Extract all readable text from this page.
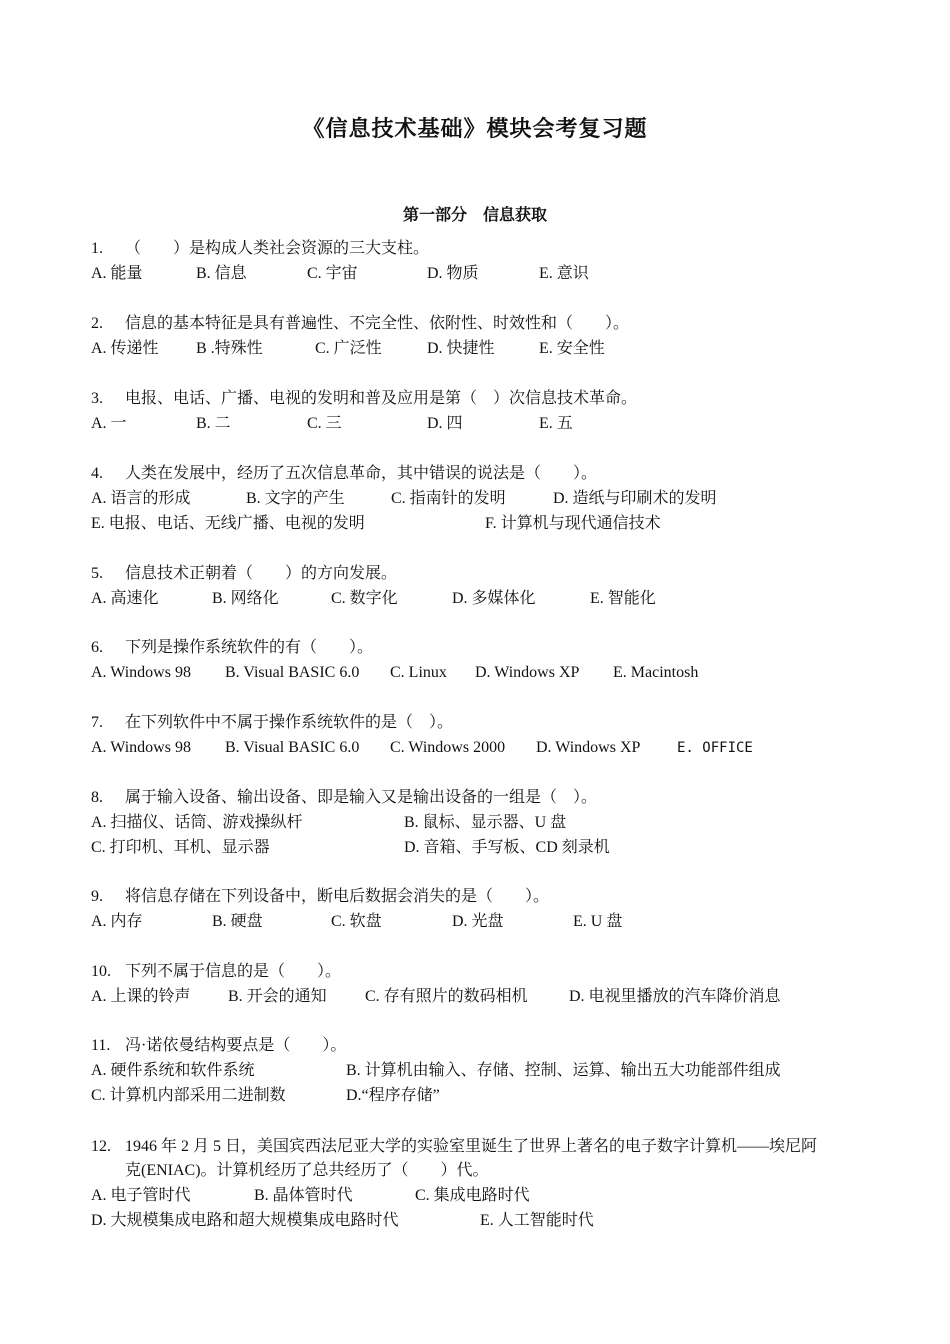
《信息技术基础》模块会考复习题
第一部分 信息获取
1. （　　）是构成人类社会资源的三大支柱。
A. 能量	B. 信息	C. 宇宙	D. 物质	E. 意识
2. 信息的基本特征是具有普遍性、不完全性、依附性、时效性和（　　）。
A. 传递性 B .特殊性	C. 广泛性	D. 快捷性	E. 安全性
3. 电报、电话、广播、电视的发明和普及应用是第（　）次信息技术革命。
A. 一	B. 二	C. 三	D. 四	E. 五
4. 人类在发展中，经历了五次信息革命，其中错误的说法是（　　）。
A. 语言的形成	B. 文字的产生	C. 指南针的发明	D. 造纸与印刷术的发明
E. 电报、电话、无线广播、电视的发明	F. 计算机与现代通信技术
5. 信息技术正朝着（　　）的方向发展。
A. 高速化	B. 网络化	C. 数字化	D. 多媒体化	E. 智能化
6. 下列是操作系统软件的有（　　）。
A. Windows 98 B. Visual BASIC 6.0 C. Linux D. Windows XP E. Macintosh
7. 在下列软件中不属于操作系统软件的是（　）。
A. Windows 98 B. Visual BASIC 6.0 C. Windows 2000 D. Windows XP	E. OFFICE
8. 属于输入设备、输出设备、即是输入又是输出设备的一组是（　）。
A. 扫描仪、话筒、游戏操纵杆	B. 鼠标、显示器、U 盘
C. 打印机、耳机、显示器	D. 音箱、手写板、CD 刻录机
9. 将信息存储在下列设备中，断电后数据会消失的是（　　）。
A. 内存	B. 硬盘	C. 软盘	D. 光盘	E. U 盘
10. 下列不属于信息的是（　　）。
A. 上课的铃声 B. 开会的通知 C. 存有照片的数码相机	D. 电视里播放的汽车降价消息
11. 冯·诺依曼结构要点是（　　）。
A. 硬件系统和软件系统	B. 计算机由输入、存储、控制、运算、输出五大功能部件组成
C. 计算机内部采用二进制数	D.“程序存储”
12. 1946 年 2 月 5 日，美国宾西法尼亚大学的实验室里诞生了世界上著名的电子数字计算机——埃尼阿
克(ENIAC)。计算机经历了总共经历了（　　）代。
A. 电子管时代	B. 晶体管时代	C. 集成电路时代
D. 大规模集成电路和超大规模集成电路时代	E. 人工智能时代
